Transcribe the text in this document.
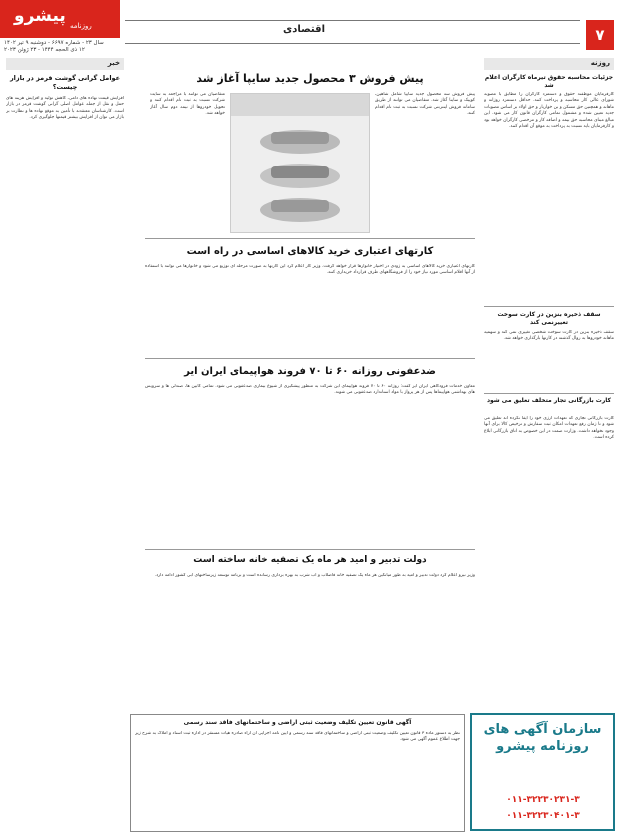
پیشرو روزنامه
سال ۲۳ - شماره ۶۶۹۷ - دوشنبه ۹ تیر ۱۴۰۲
۱۲ ذی الحجه ۱۴۴۴ - ۲۳ ژوئن ۲۰۲۳
اقتصادی	۷
روزنه
جزئیات محاسبه حقوق تیرماه کارگران اعلام شد
کارفرمایان موظفند حقوق و دستمزد کارگران را مطابق با مصوبه شورای عالی کار محاسبه و پرداخت کنند. حداقل دستمزد روزانه و ماهانه و همچنین حق مسکن و بن خواربار و حق اولاد بر اساس مصوبات جدید تعیین شده و مشمول تمامی کارگران قانون کار می شود. این مبالغ مبنای محاسبه حق بیمه و اضافه کار و مرخصی کارگران خواهد بود و کارفرمایان باید نسبت به پرداخت به موقع آن اقدام کنند.
سقف ذخیره بنزین در کارت سوخت تغییرنمی کند
سقف ذخیره بنزین در کارت سوخت شخصی تغییری نمی کند و سهمیه ماهانه خودروها به روال گذشته در کارتها بارگذاری خواهد شد.
کارت بازرگانی تجار متخلف تعلیق می شود
کارت بازرگانی تجاری که تعهدات ارزی خود را ایفا نکرده اند تعلیق می شود و تا زمان رفع تعهدات امکان ثبت سفارش و ترخیص کالا برای آنها وجود نخواهد داشت. وزارت صمت در این خصوص به اتاق بازرگانی ابلاغ کرده است.
پیش فروش ۳ محصول جدید سایپا آغاز شد
پیش فروش سه محصول جدید سایپا شامل شاهین، کوییک و ساینا آغاز شد. متقاضیان می توانند از طریق سامانه فروش اینترنتی شرکت نسبت به ثبت نام اقدام کنند.
متقاضیان می توانند با مراجعه به سایت شرکت نسبت به ثبت نام اقدام کنند و تحویل خودروها از نیمه دوم سال آغاز خواهد شد.
کارتهای اعتباری خرید کالاهای اساسی در راه است
کارتهای اعتباری خرید کالاهای اساسی به زودی در اختیار خانوارها قرار خواهد گرفت. وزیر کار اعلام کرد این کارتها به صورت مرحله ای توزیع می شود و خانوارها می توانند با استفاده از آنها اقلام اساسی مورد نیاز خود را از فروشگاههای طرف قرارداد خریداری کنند.
ضدعفونی روزانه ۶۰ تا ۷۰ فروند هواپیمای ایران ایر
معاون خدمات فرودگاهی ایران ایر گفت: روزانه ۶۰ تا ۷۰ فروند هواپیمای این شرکت به منظور پیشگیری از شیوع بیماری ضدعفونی می شود. تمامی کابین ها، صندلی ها و سرویس های بهداشتی هواپیماها پس از هر پرواز با مواد استاندارد ضدعفونی می شوند.
دولت تدبیر و امید هر ماه یک تصفیه خانه ساخته است
وزیر نیرو اعلام کرد دولت تدبیر و امید به طور میانگین هر ماه یک تصفیه خانه فاضلاب و آب شرب به بهره برداری رسانده است و برنامه توسعه زیرساختهای آبی کشور ادامه دارد.
خبر
عوامل گرانی گوشت قرمز در بازار چیست؟
افزایش قیمت نهاده های دامی، کاهش تولید و افزایش هزینه های حمل و نقل از جمله عوامل اصلی گرانی گوشت قرمز در بازار است. کارشناسان معتقدند با تأمین به موقع نهاده ها و نظارت بر بازار می توان از افزایش بیشتر قیمتها جلوگیری کرد.
آگهی قانون تعیین تکلیف وضعیت ثبتی اراضی و ساختمانهای فاقد سند رسمی
نظر به دستور ماده ۳ قانون تعیین تکلیف وضعیت ثبتی اراضی و ساختمانهای فاقد سند رسمی و آیین نامه اجرایی آن آراء صادره هیأت مستقر در اداره ثبت اسناد و املاک به شرح زیر جهت اطلاع عموم آگهی می شود.
سازمان آگهی های روزنامه پیشرو
۰۱۱-۳۲۲۳۰۲۳۱-۳
۰۱۱-۳۲۲۳۰۴۰۱-۳
